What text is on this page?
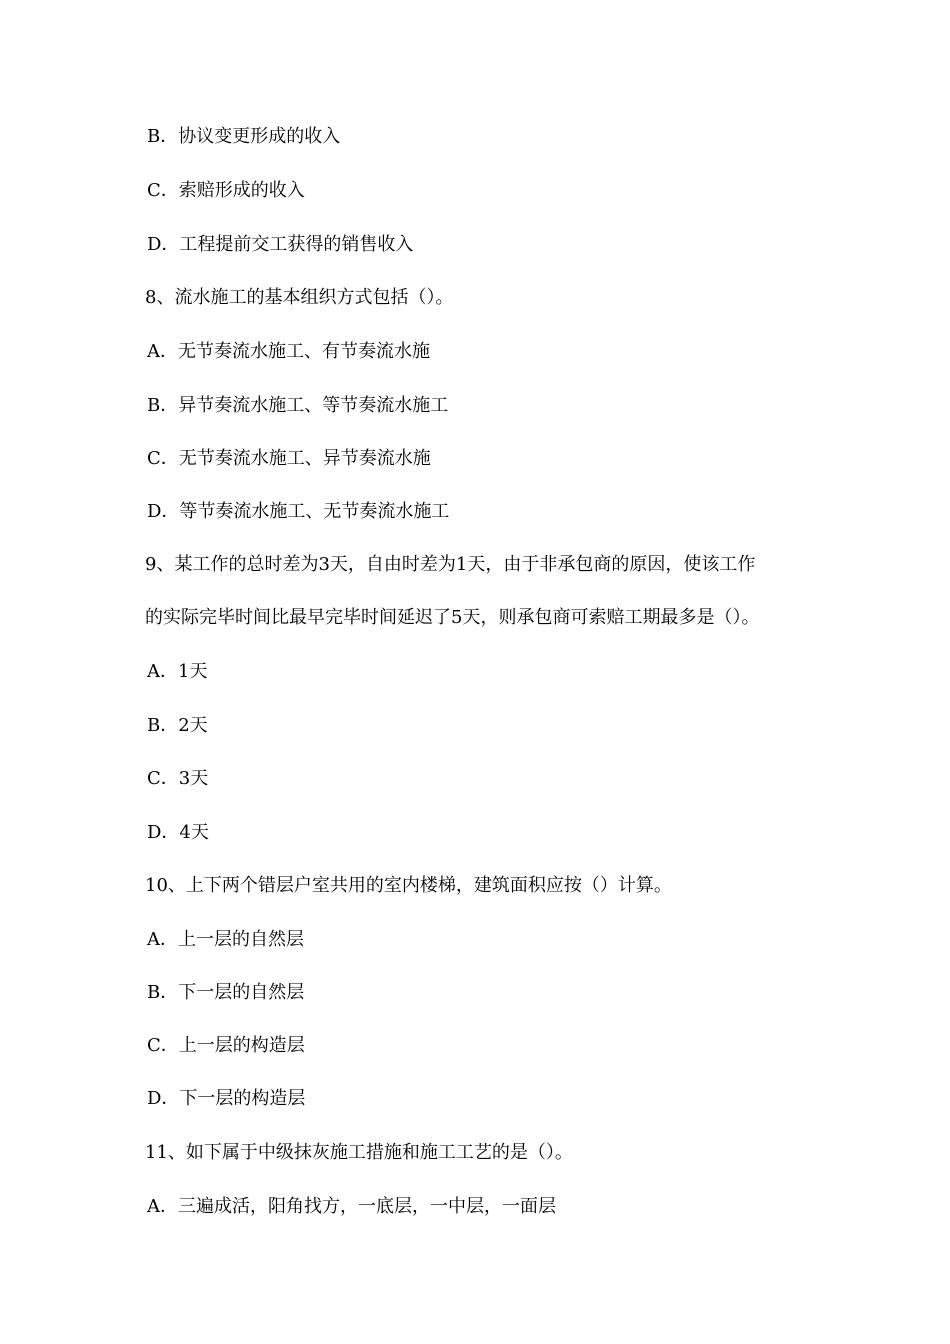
B．协议变更形成的收入
C．索赔形成的收入
D．工程提前交工获得的销售收入
8、流水施工的基本组织方式包括（）。
A．无节奏流水施工、有节奏流水施
B．异节奏流水施工、等节奏流水施工
C．无节奏流水施工、异节奏流水施
D．等节奏流水施工、无节奏流水施工
9、某工作的总时差为3天，自由时差为1天，由于非承包商的原因，使该工作
的实际完毕时间比最早完毕时间延迟了5天，则承包商可索赔工期最多是（）。
A．1天
B．2天
C．3天
D．4天
10、上下两个错层户室共用的室内楼梯，建筑面积应按（）计算。
A．上一层的自然层
B．下一层的自然层
C．上一层的构造层
D．下一层的构造层
11、如下属于中级抹灰施工措施和施工工艺的是（）。
A．三遍成活，阳角找方，一底层，一中层，一面层
